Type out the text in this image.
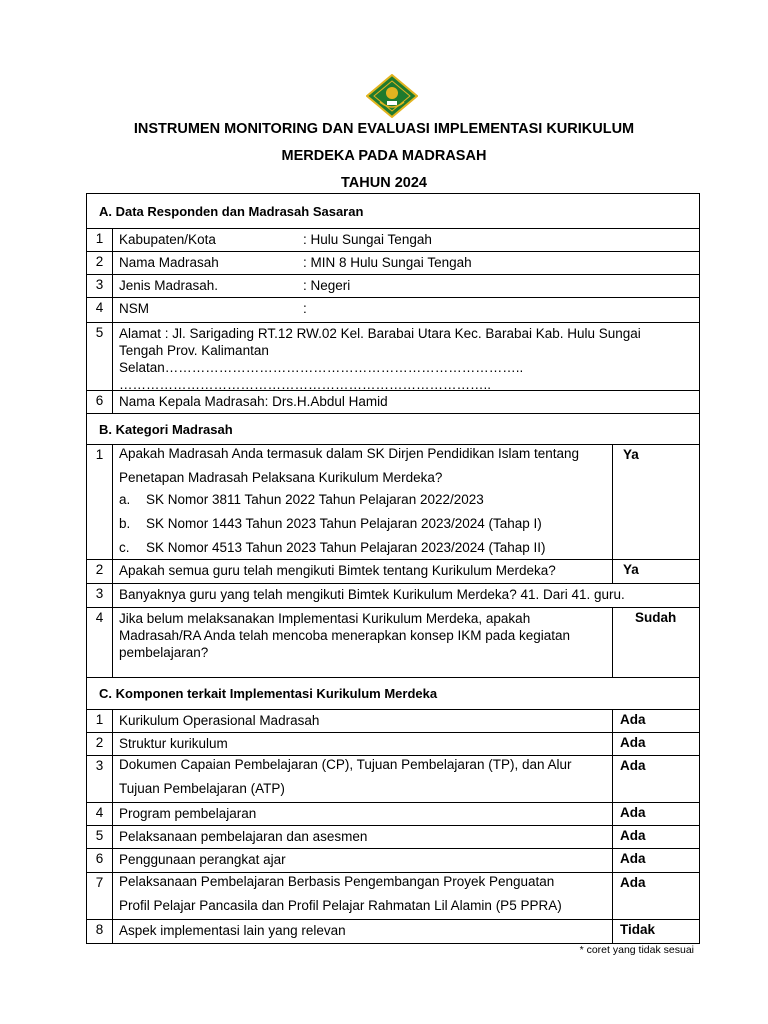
INSTRUMEN MONITORING DAN EVALUASI IMPLEMENTASI KURIKULUM
MERDEKA PADA MADRASAH
TAHUN 2024
A. Data Responden dan Madrasah Sasaran
1	Kabupaten/Kota	: Hulu Sungai Tengah
2	Nama Madrasah	: MIN 8 Hulu Sungai Tengah
3	Jenis Madrasah.	: Negeri
4	NSM	:
5	Alamat : Jl. Sarigading RT.12 RW.02 Kel. Barabai Utara Kec. Barabai Kab. Hulu Sungai
Tengah Prov. Kalimantan
Selatan……………………………………………………………………..
………………………………………………………………………..
6	Nama Kepala Madrasah: Drs.H.Abdul Hamid
B. Kategori Madrasah
1	Apakah Madrasah Anda termasuk dalam SK Dirjen Pendidikan Islam tentang
Penetapan Madrasah Pelaksana Kurikulum Merdeka?
a. SK Nomor 3811 Tahun 2022 Tahun Pelajaran 2022/2023
b. SK Nomor 1443 Tahun 2023 Tahun Pelajaran 2023/2024 (Tahap I)
c. SK Nomor 4513 Tahun 2023 Tahun Pelajaran 2023/2024 (Tahap II)
Ya
2	Apakah semua guru telah mengikuti Bimtek tentang Kurikulum Merdeka?	Ya
3	Banyaknya guru yang telah mengikuti Bimtek Kurikulum Merdeka? 41. Dari 41. guru.
4	Jika belum melaksanakan Implementasi Kurikulum Merdeka, apakah
Madrasah/RA Anda telah mencoba menerapkan konsep IKM pada kegiatan
pembelajaran?
Sudah
C. Komponen terkait Implementasi Kurikulum Merdeka
1	Kurikulum Operasional Madrasah	Ada
2	Struktur kurikulum	Ada
3	Dokumen Capaian Pembelajaran (CP), Tujuan Pembelajaran (TP), dan Alur
Tujuan Pembelajaran (ATP)
Ada
4	Program pembelajaran	Ada
5	Pelaksanaan pembelajaran dan asesmen	Ada
6	Penggunaan perangkat ajar	Ada
7	Pelaksanaan Pembelajaran Berbasis Pengembangan Proyek Penguatan
Profil Pelajar Pancasila dan Profil Pelajar Rahmatan Lil Alamin (P5 PPRA)
Ada
8	Aspek implementasi lain yang relevan	Tidak
* coret yang tidak sesuai
